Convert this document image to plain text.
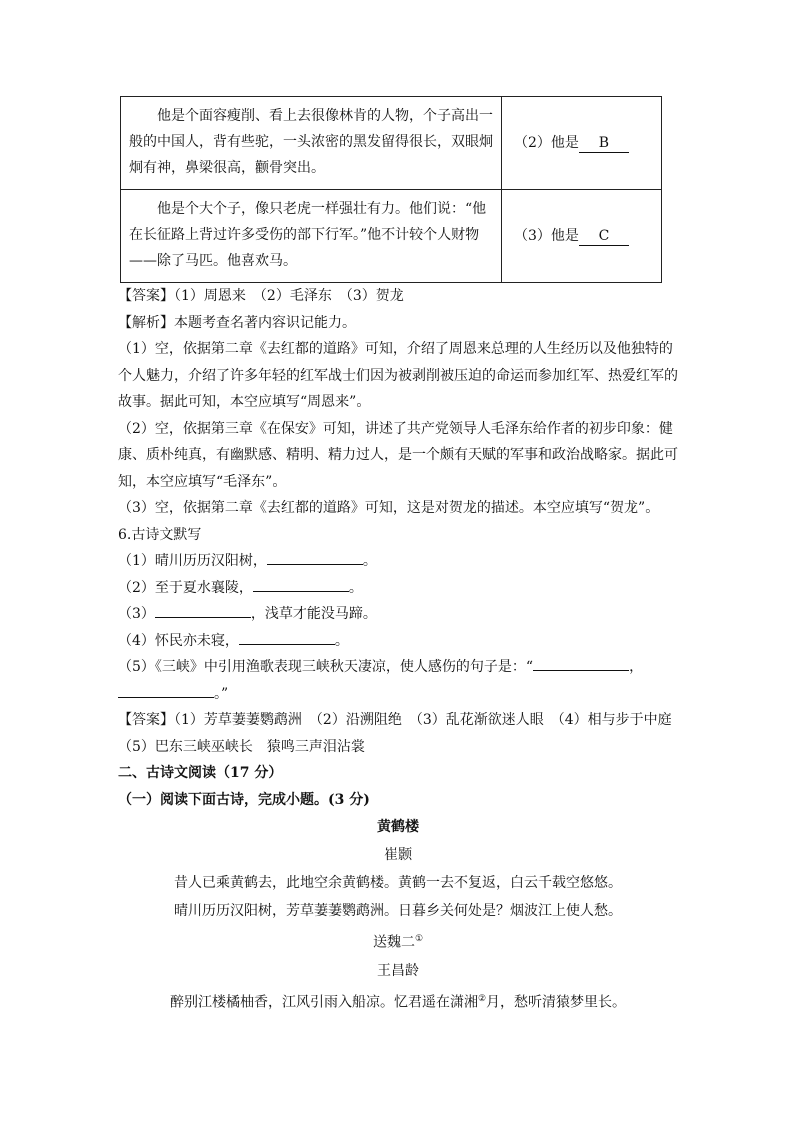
他是个面容瘦削、看上去很像林肯的人物，个子高出一般的中国人，背有些驼，一头浓密的黑发留得很长，双眼炯炯有神，鼻梁很高，颧骨突出。	（2）他是 B
他是个大个子，像只老虎一样强壮有力。他们说：“他在长征路上背过许多受伤的部下行军。”他不计较个人财物——除了马匹。他喜欢马。	（3）他是 C
【答案】（1）周恩来　（2）毛泽东　（3）贺龙
【解析】本题考查名著内容识记能力。
（1）空，依据第二章《去红都的道路》可知，介绍了周恩来总理的人生经历以及他独特的个人魅力，介绍了许多年轻的红军战士们因为被剥削被压迫的命运而参加红军、热爱红军的故事。据此可知，本空应填写“周恩来”。
（2）空，依据第三章《在保安》可知，讲述了共产党领导人毛泽东给作者的初步印象：健康、质朴纯真，有幽默感、精明、精力过人，是一个颇有天赋的军事和政治战略家。据此可知，本空应填写“毛泽东”。
（3）空，依据第二章《去红都的道路》可知，这是对贺龙的描述。本空应填写“贺龙”。
6.古诗文默写
（1）晴川历历汉阳树，	。
（2）至于夏水襄陵，	。
（3）	，浅草才能没马蹄。
（4）怀民亦未寝，	。
（5）《三峡》中引用渔歌表现三峡秋天凄凉，使人感伤的句子是：“	，
。”
【答案】（1）芳草萋萋鹦鹉洲　（2）沿溯阻绝　（3）乱花渐欲迷人眼　（4）相与步于中庭　（5）巴东三峡巫峡长　猿鸣三声泪沾裳
二、古诗文阅读（17 分）
（一）阅读下面古诗，完成小题。(3 分)
黄鹤楼
崔颢
昔人已乘黄鹤去，此地空余黄鹤楼。黄鹤一去不复返，白云千载空悠悠。
晴川历历汉阳树，芳草萋萋鹦鹉洲。日暮乡关何处是？烟波江上使人愁。
送魏二①
王昌龄
醉别江楼橘柚香，江风引雨入船凉。忆君遥在潇湘②月，愁听清猿梦里长。
